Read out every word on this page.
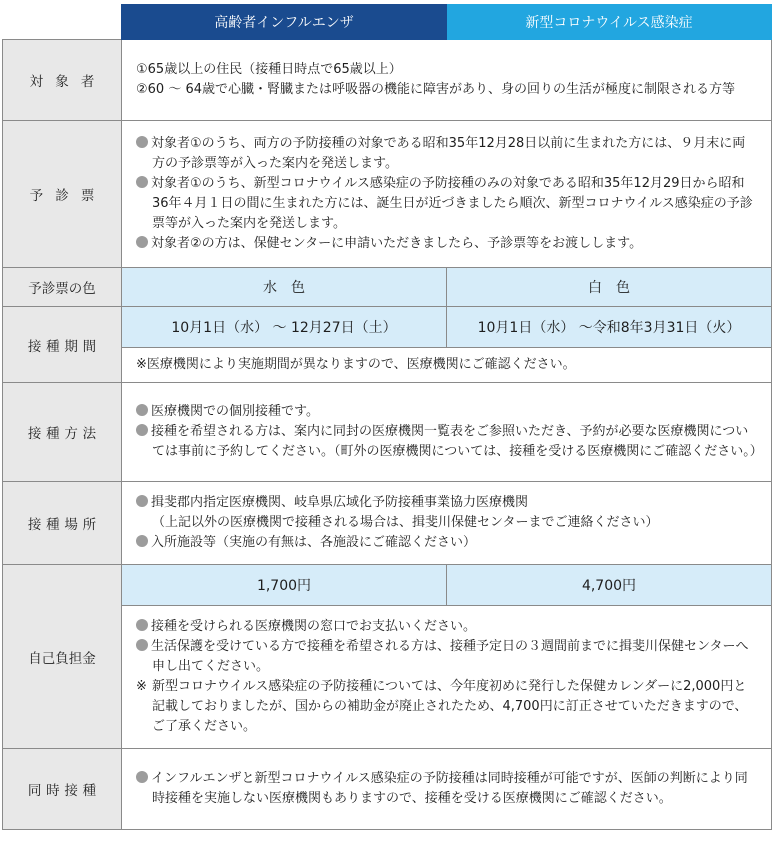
	高齢者インフルエンザ	新型コロナウイルス感染症
対象者	①65歳以上の住民（接種日時点で65歳以上）
②60 ～ 64歳で心臓・腎臓または呼吸器の機能に障害があり、身の回りの生活が極度に制限される方等	

予診票	対象者①のうち、両方の予防接種の対象である昭和35年12月28日以前に生まれた方には、９月末に両方の予診票等が入った案内を発送します。
対象者①のうち、新型コロナウイルス感染症の予防接種のみの対象である昭和35年12月29日から昭和36年４月１日の間に生まれた方には、誕生日が近づきましたら順次、新型コロナウイルス感染症の予診票等が入った案内を発送します。
対象者②の方は、保健センターに申請いただきましたら、予診票等をお渡しします。	

予診票の色	水　色	白　色
接種期間	10月1日（水） ～ 12月27日（土）	10月1日（水） ～令和8年3月31日（火）
	※医療機関により実施期間が異なりますので、医療機関にご確認ください。	
接種方法	医療機関での個別接種です。
接種を希望される方は、案内に同封の医療機関一覧表をご参照いただき、予約が必要な医療機関については事前に予約してください。（町外の医療機関については、接種を受ける医療機関にご確認ください。）	

接種場所	揖斐郡内指定医療機関、岐阜県広域化予防接種事業協力医療機関
（上記以外の医療機関で接種される場合は、揖斐川保健センターまでご連絡ください）
入所施設等（実施の有無は、各施設にご確認ください）	

自己負担金	1,700円	4,700円

	接種を受けられる医療機関の窓口でお支払いください。
生活保護を受けている方で接種を希望される方は、接種予定日の３週間前までに揖斐川保健センターへ申し出てください。
※ 新型コロナウイルス感染症の予防接種については、今年度初めに発行した保健カレンダーに2,000円と記載しておりましたが、国からの補助金が廃止されたため、4,700円に訂正させていただきますので、ご了承ください。	

同時接種	インフルエンザと新型コロナウイルス感染症の予防接種は同時接種が可能ですが、医師の判断により同時接種を実施しない医療機関もありますので、接種を受ける医療機関にご確認ください。	
